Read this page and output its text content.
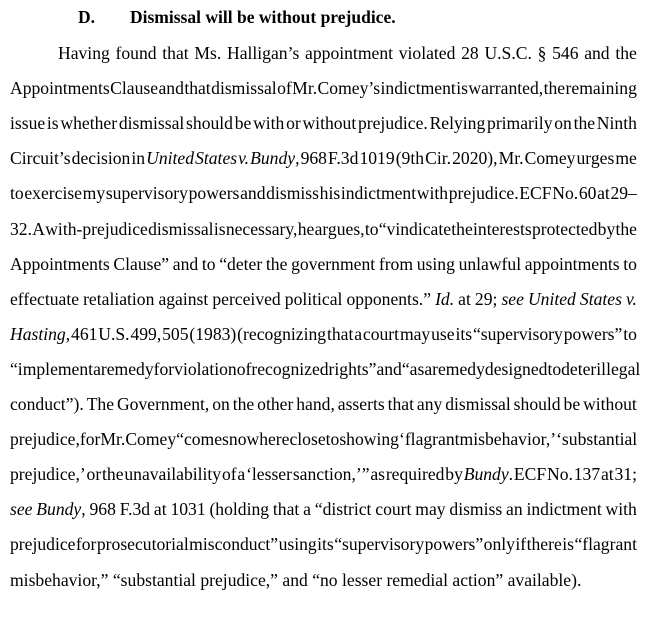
D. Dismissal will be without prejudice.
Having found that Ms. Halligan’s appointment violated 28 U.S.C. § 546 and the
Appointments Clause and that dismissal of Mr. Comey’s indictment is warranted, the remaining
issue is whether dismissal should be with or without prejudice. Relying primarily on the Ninth
Circuit’s decision in United States v. Bundy, 968 F.3d 1019 (9th Cir. 2020), Mr. Comey urges me
to exercise my supervisory powers and dismiss his indictment with prejudice. ECF No. 60 at 29–
32. A with-prejudice dismissal is necessary, he argues, to “vindicate the interests protected by the
Appointments Clause” and to “deter the government from using unlawful appointments to
effectuate retaliation against perceived political opponents.” Id. at 29; see United States v.
Hasting, 461 U.S. 499, 505 (1983) (recognizing that a court may use its “supervisory powers” to
“implement a remedy for violation of recognized rights” and “as a remedy designed to deter illegal
conduct”). The Government, on the other hand, asserts that any dismissal should be without
prejudice, for Mr. Comey “comes nowhere close to showing ‘flagrant misbehavior,’ ‘substantial
prejudice,’ or the unavailability of a ‘lesser sanction,’” as required by Bundy. ECF No. 137 at 31;
see Bundy, 968 F.3d at 1031 (holding that a “district court may dismiss an indictment with
prejudice for prosecutorial misconduct” using its “supervisory powers” only if there is “flagrant
misbehavior,” “substantial prejudice,” and “no lesser remedial action” available).
